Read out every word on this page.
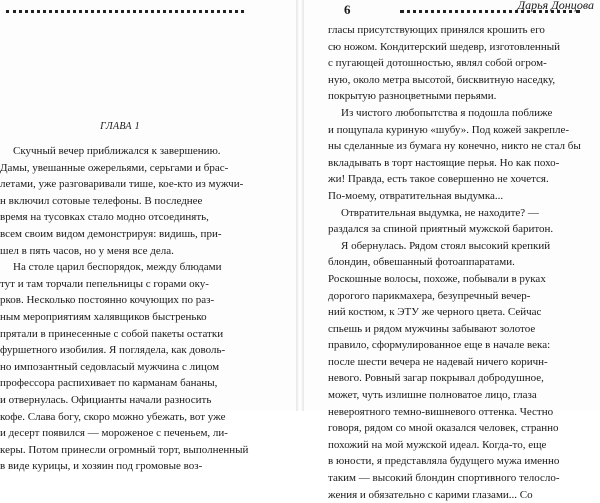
ГЛАВА 1
Скучный вечер приближался к завершению.
Дамы, увешанные ожерельями, серьгами и брас-
летами, уже разговаривали тише, кое-кто из мужчи-
н включил сотовые телефоны. В последнее
время на тусовках стало модно отсоединять,
всем своим видом демонстрируя: видишь, при-
шел в пять часов, но у меня все дела.
На столе царил беспорядок, между блюдами
тут и там торчали пепельницы с горами оку-
рков. Несколько постоянно кочующих по раз-
ным мероприятиям халявщиков быстренько
прятали в принесенные с собой пакеты остатки
фуршетного изобилия. Я поглядела, как доволь-
но импозантный седовласый мужчина с лицом
профессора распихивает по карманам бананы,
и отвернулась. Официанты начали разносить
кофе. Слава богу, скоро можно убежать, вот уже
и десерт появился — мороженое с печеньем, ли-
керы. Потом принесли огромный торт, выполненный
в виде курицы, и хозяин под громовые воз-
6	Дарья Донцова
гласы присутствующих принялся крошить его
сю ножом. Кондитерский шедевр, изготовленный
с пугающей дотошностью, являл собой огром-
ную, около метра высотой, бисквитную наседку,
покрытую разноцветными перьями.
Из чистого любопытства я подошла поближе
и пощупала куриную «шубу». Под кожей закрепле-
ны сделанные из бумага ну конечно, никто не стал бы
вкладывать в торт настоящие перья. Но как похо-
жи! Правда, есть такое совершенно не хочется.
По-моему, отвратительная выдумка...
Отвратительная выдумка, не находите? —
раздался за спиной приятный мужской баритон.
Я обернулась. Рядом стоял высокий крепкий
блондин, обвешанный фотоаппаратами.
Роскошные волосы, похоже, побывали в руках
дорогого парикмахера, безупречный вечер-
ний костюм, к ЭТУ же черного цвета. Сейчас
спьешь и рядом мужчины забывают золотое
правило, сформулированное еще в начале века:
после шести вечера не надевай ничего коричн-
невого. Ровный загар покрывал добродушное,
может, чуть излишне полноватое лицо, глаза
невероятного темно-вишневого оттенка. Честно
говоря, рядом со мной оказался человек, странно
похожий на мой мужской идеал. Когда-то, еще
в юности, я представляла будущего мужа именно
таким — высокий блондин спортивного телосло-
жения и обязательно с карими глазами... Со
